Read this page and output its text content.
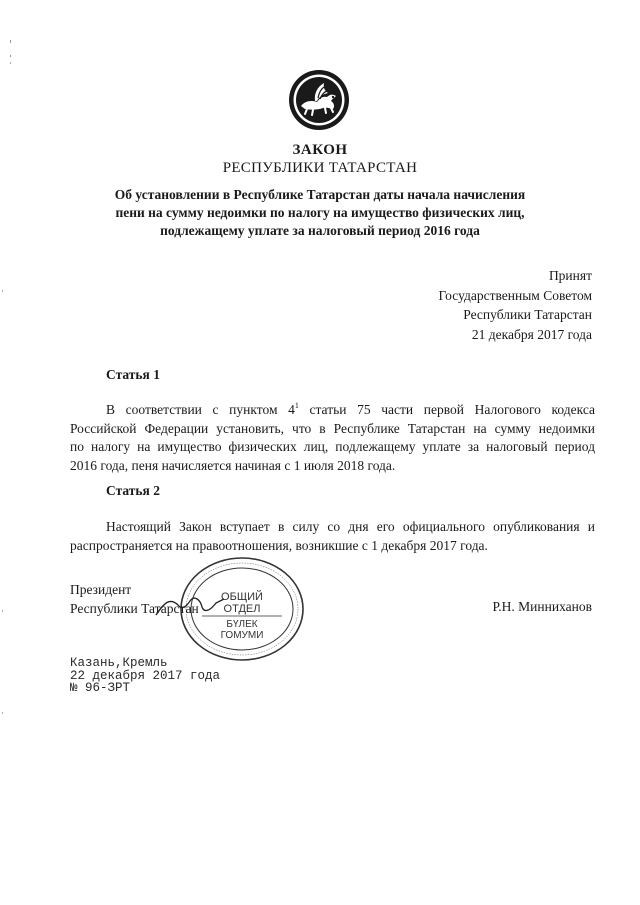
ЗАКОН
РЕСПУБЛИКИ ТАТАРСТАН
Об установлении в Республике Татарстан даты начала начисления
пени на сумму недоимки по налогу на имущество физических лиц,
подлежащему уплате за налоговый период 2016 года
Принят
Государственным Советом
Республики Татарстан
21 декабря 2017 года
Статья 1
В соответствии с пунктом $4^1$ статьи 75 части первой Налогового кодекса
Российской Федерации установить, что в Республике Татарстан на сумму недоимки
по налогу на имущество физических лиц, подлежащему уплате за налоговый период
2016 года, пеня начисляется начиная с 1 июля 2018 года.
Статья 2
Настоящий Закон вступает в силу со дня его официального опубликования и
распространяется на правоотношения, возникшие с 1 декабря 2017 года.
ОБЩИЙ
ОТДЕЛ
БҮЛЕК
ГОМУМИ
Президент
Республики Татарстан	Р.Н. Минниханов
Казань,Кремль
22 декабря 2017 года
№ 96-ЗРТ
